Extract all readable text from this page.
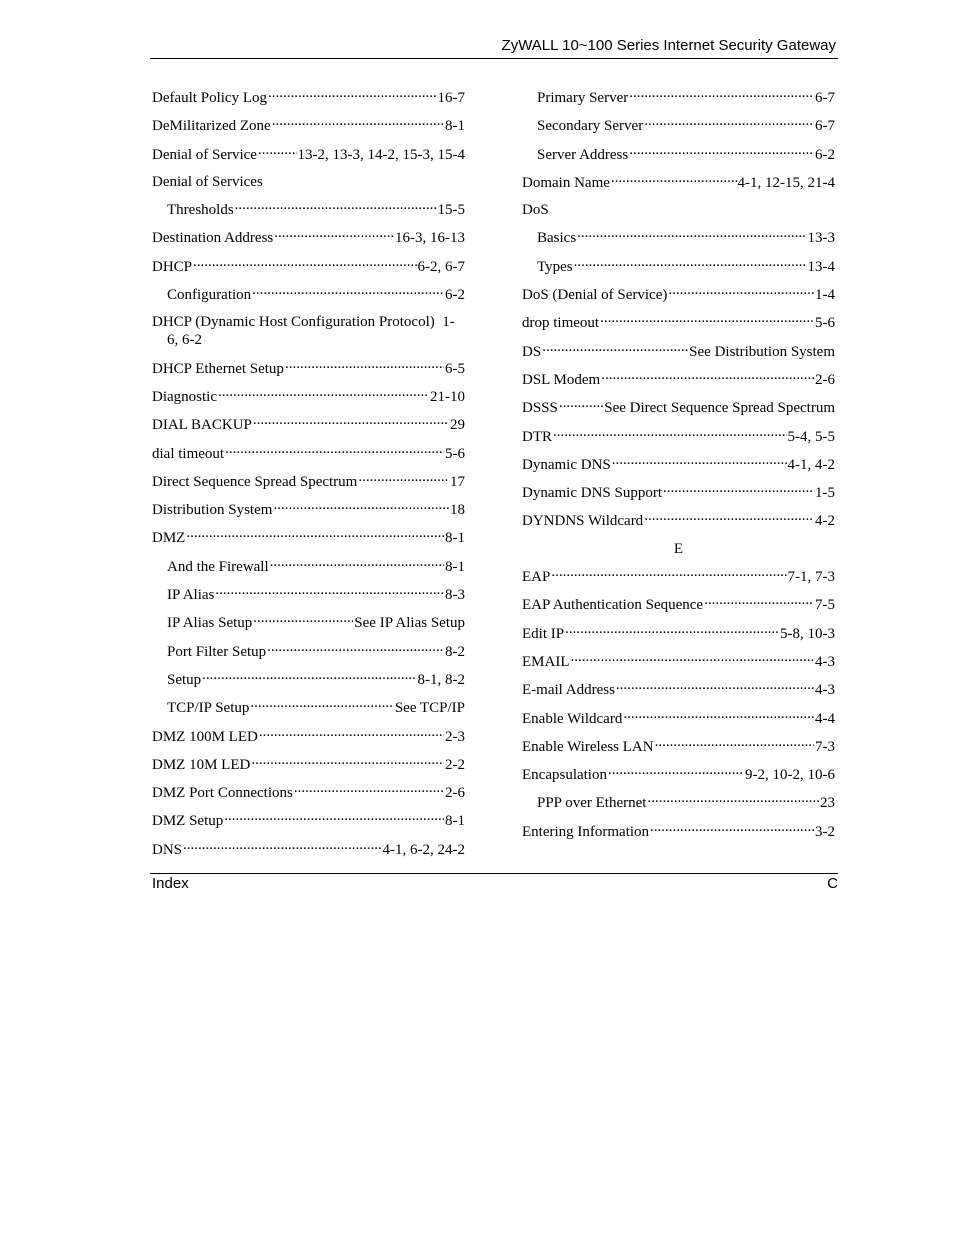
ZyWALL 10~100 Series Internet Security Gateway
Default Policy Log .....	16-7
DeMilitarized Zone .....	8-1
Denial of Service .....	13-2, 13-3, 14-2, 15-3, 15-4
Denial of Services
Thresholds .....	15-5
Destination Address .....	16-3, 16-13
DHCP .....	6-2, 6-7
Configuration .....	6-2
DHCP (Dynamic Host Configuration Protocol)  1-
6, 6-2
DHCP Ethernet Setup .....	6-5
Diagnostic .....	21-10
DIAL BACKUP .....	29
dial timeout .....	5-6
Direct Sequence Spread Spectrum .....	17
Distribution System .....	18
DMZ .....	8-1
And the Firewall .....	8-1
IP Alias .....	8-3
IP Alias Setup .....	See IP Alias Setup
Port Filter Setup .....	8-2
Setup .....	8-1, 8-2
TCP/IP Setup .....	See TCP/IP
DMZ 100M LED .....	2-3
DMZ 10M LED .....	2-2
DMZ Port Connections .....	2-6
DMZ Setup .....	8-1
DNS .....	4-1, 6-2, 24-2
Primary Server .....	6-7
Secondary Server .....	6-7
Server Address .....	6-2
Domain Name .....	4-1, 12-15, 21-4
DoS
Basics .....	13-3
Types .....	13-4
DoS (Denial of Service) .....	1-4
drop timeout .....	5-6
DS .....	See Distribution System
DSL Modem .....	2-6
DSSS .....	See Direct Sequence Spread Spectrum
DTR .....	5-4, 5-5
Dynamic DNS .....	4-1, 4-2
Dynamic DNS Support .....	1-5
DYNDNS Wildcard .....	4-2
E
EAP .....	7-1, 7-3
EAP Authentication Sequence .....	7-5
Edit IP .....	5-8, 10-3
EMAIL .....	4-3
E-mail Address .....	4-3
Enable Wildcard .....	4-4
Enable Wireless LAN .....	7-3
Encapsulation .....	9-2, 10-2, 10-6
PPP over Ethernet .....	23
Entering Information .....	3-2
Index	C
